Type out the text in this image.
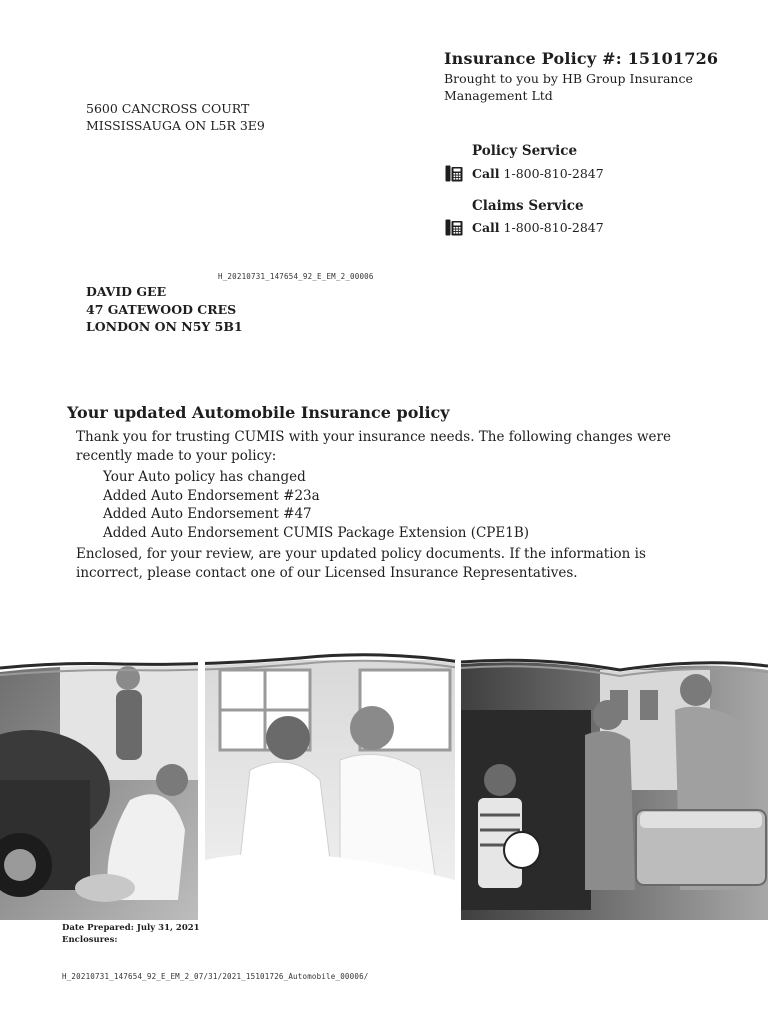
Insurance Policy #: 15101726
Brought to you by HB Group Insurance
Management Ltd
5600 CANCROSS COURT
MISSISSAUGA ON L5R 3E9
Policy Service
Call 1-800-810-2847
Claims Service
Call 1-800-810-2847
H_20210731_147654_92_E_EM_2_00006
DAVID GEE
47 GATEWOOD CRES
LONDON ON N5Y 5B1
Your updated Automobile Insurance policy
Thank you for trusting CUMIS with your insurance needs. The following changes were
recently made to your policy:
Your Auto policy has changed
Added Auto Endorsement #23a
Added Auto Endorsement #47
Added Auto Endorsement CUMIS Package Extension (CPE1B)
Enclosed, for your review, are your updated policy documents. If the information is
incorrect, please contact one of our Licensed Insurance Representatives.
Date Prepared: July 31, 2021
Enclosures:
H_20210731_147654_92_E_EM_2_07/31/2021_15101726_Automobile_00006/
